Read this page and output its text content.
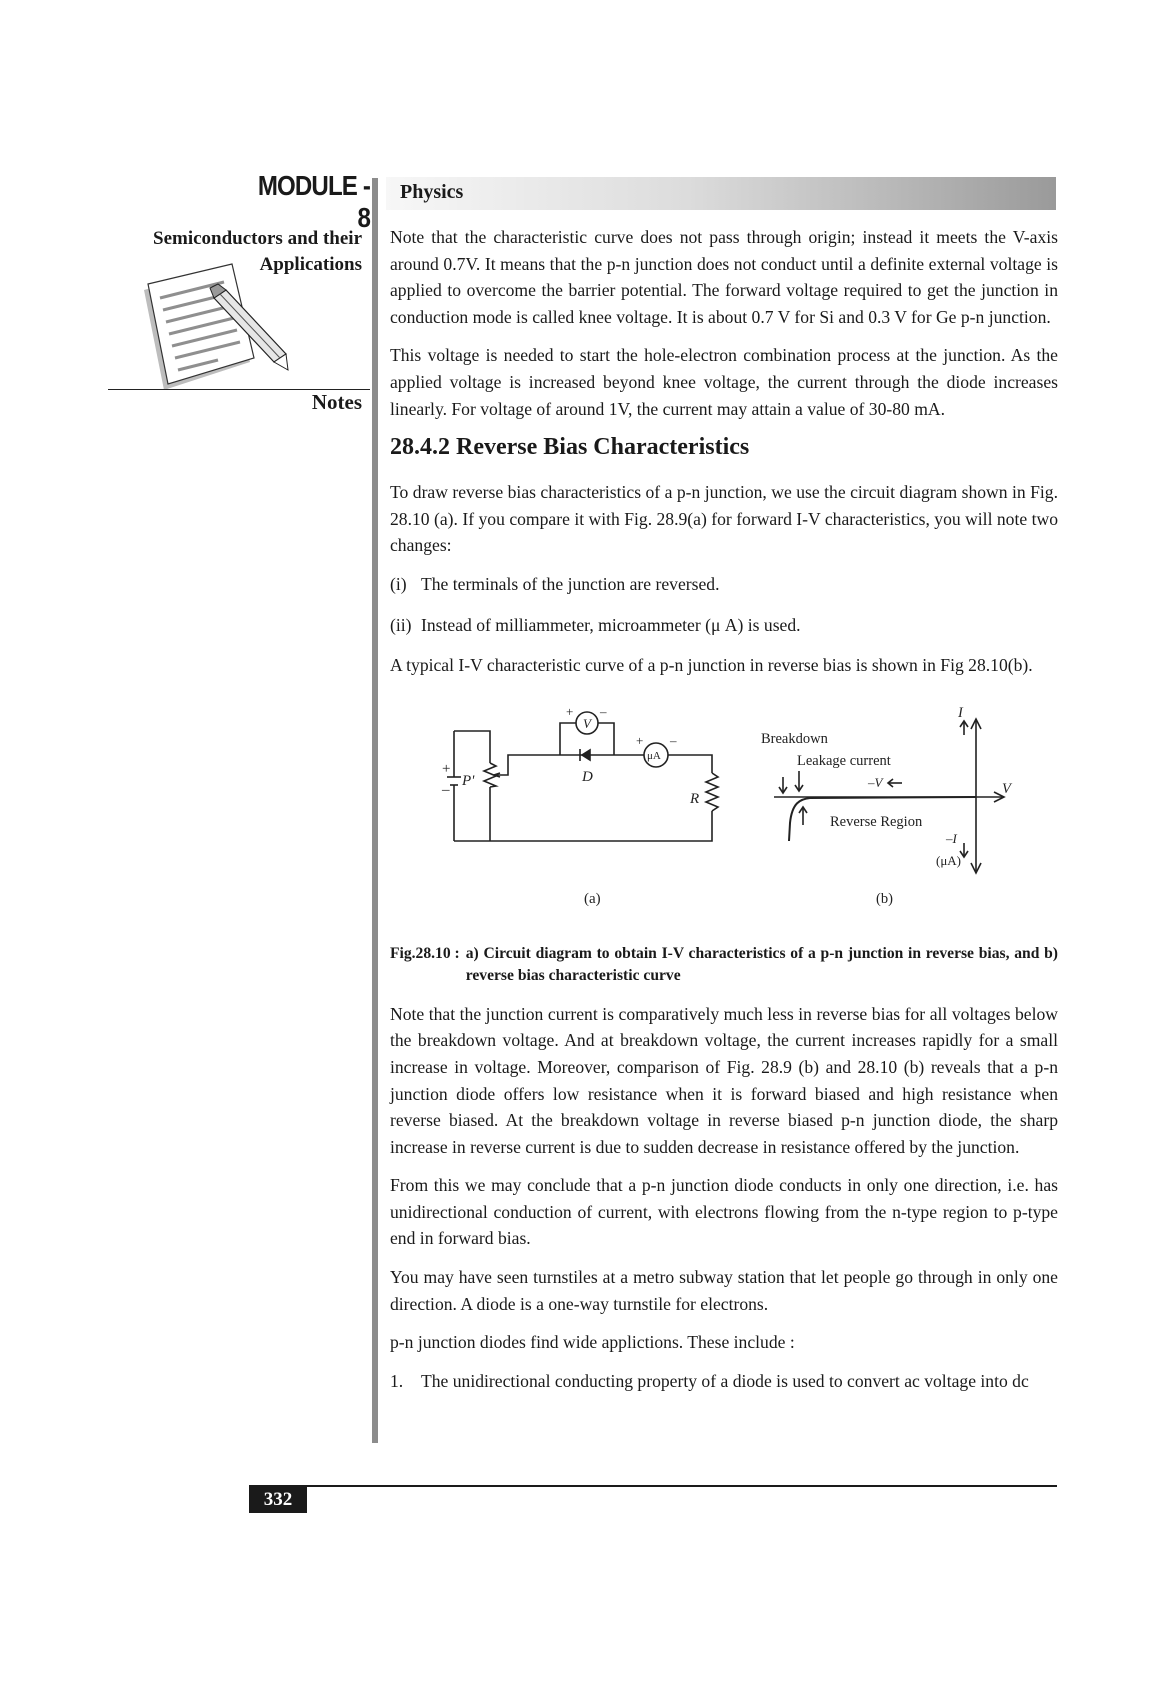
MODULE - 8
Semiconductors and their Applications
Notes
Physics

Note that the characteristic curve does not pass through origin; instead it meets the V-axis around 0.7V. It means that the p-n junction does not conduct until a definite external voltage is applied to overcome the barrier potential. The forward voltage required to get the junction in conduction mode is called knee voltage. It is about 0.7 V for Si and 0.3 V for Ge p-n junction.

This voltage is needed to start the hole-electron combination process at the junction. As the applied voltage is increased beyond knee voltage, the current through the diode increases linearly. For voltage of around 1V, the current may attain a value of 30-80 mA.

28.4.2 Reverse Bias Characteristics

To draw reverse bias characteristics of a p-n junction, we use the circuit diagram shown in Fig. 28.10 (a). If you compare it with Fig. 28.9(a) for forward I-V characteristics, you will note two changes:

(i) The terminals of the junction are reversed.
(ii) Instead of milliammeter, microammeter (μ A) is used.

A typical I-V characteristic curve of a p-n junction in reverse bias is shown in Fig 28.10(b).

+
–
P'
V
+ –
D
μA
+ –
R
(a)
Breakdown
Leakage current
–V	V
I
–I
(μA)
Reverse Region
(b)
Fig.28.10 : a) Circuit diagram to obtain I-V characteristics of a p-n junction in reverse bias, and b) reverse bias characteristic curve

Note that the junction current is comparatively much less in reverse bias for all voltages below the breakdown voltage. And at breakdown voltage, the current increases rapidly for a small increase in voltage. Moreover, comparison of Fig. 28.9 (b) and 28.10 (b) reveals that a p-n junction diode offers low resistance when it is forward biased and high resistance when reverse biased. At the breakdown voltage in reverse biased p-n junction diode, the sharp increase in reverse current is due to sudden decrease in resistance offered by the junction.

From this we may conclude that a p-n junction diode conducts in only one direction, i.e. has unidirectional conduction of current, with electrons flowing from the n-type region to p-type end in forward bias.

You may have seen turnstiles at a metro subway station that let people go through in only one direction. A diode is a one-way turnstile for electrons.

p-n junction diodes find wide applictions. These include :

1.	The unidirectional conducting property of a diode is used to convert ac voltage into dc
332
